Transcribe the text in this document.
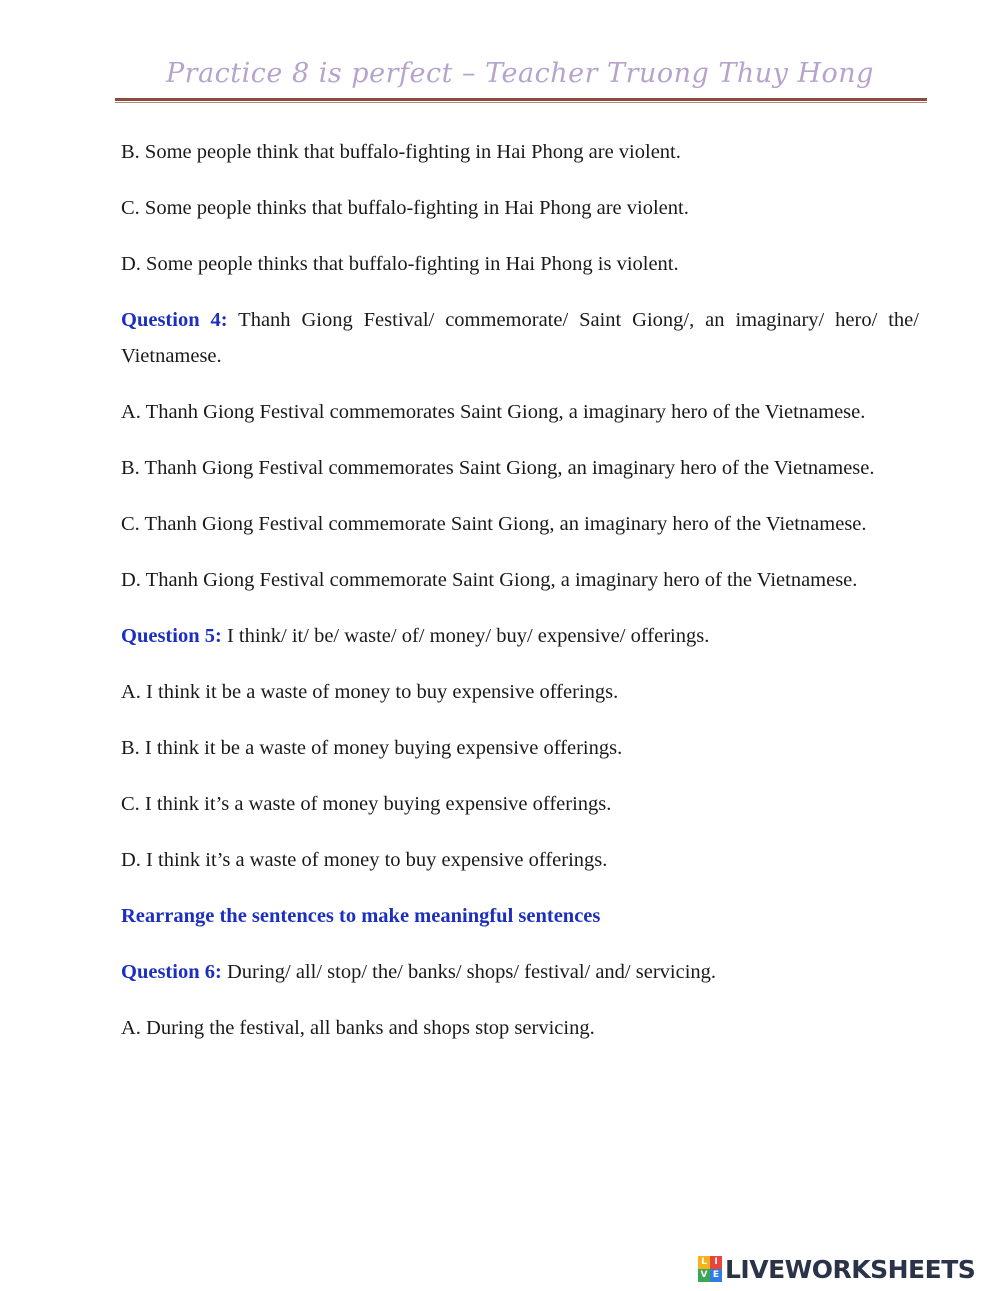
Practice 8 is perfect – Teacher Truong Thuy Hong

B. Some people think that buffalo-fighting in Hai Phong are violent.

C. Some people thinks that buffalo-fighting in Hai Phong are violent.

D. Some people thinks that buffalo-fighting in Hai Phong is violent.

Question 4: Thanh Giong Festival/ commemorate/ Saint Giong/, an imaginary/ hero/ the/ Vietnamese.

A. Thanh Giong Festival commemorates Saint Giong, a imaginary hero of the Vietnamese.

B. Thanh Giong Festival commemorates Saint Giong, an imaginary hero of the Vietnamese.

C. Thanh Giong Festival commemorate Saint Giong, an imaginary hero of the Vietnamese.

D. Thanh Giong Festival commemorate Saint Giong, a imaginary hero of the Vietnamese.

Question 5: I think/ it/ be/ waste/ of/ money/ buy/ expensive/ offerings.

A. I think it be a waste of money to buy expensive offerings.

B. I think it be a waste of money buying expensive offerings.

C. I think it’s a waste of money buying expensive offerings.

D. I think it’s a waste of money to buy expensive offerings.

Rearrange the sentences to make meaningful sentences

Question 6: During/ all/ stop/ the/ banks/ shops/ festival/ and/ servicing.

A. During the festival, all banks and shops stop servicing.

L I
V E LIVEWORKSHEETS
